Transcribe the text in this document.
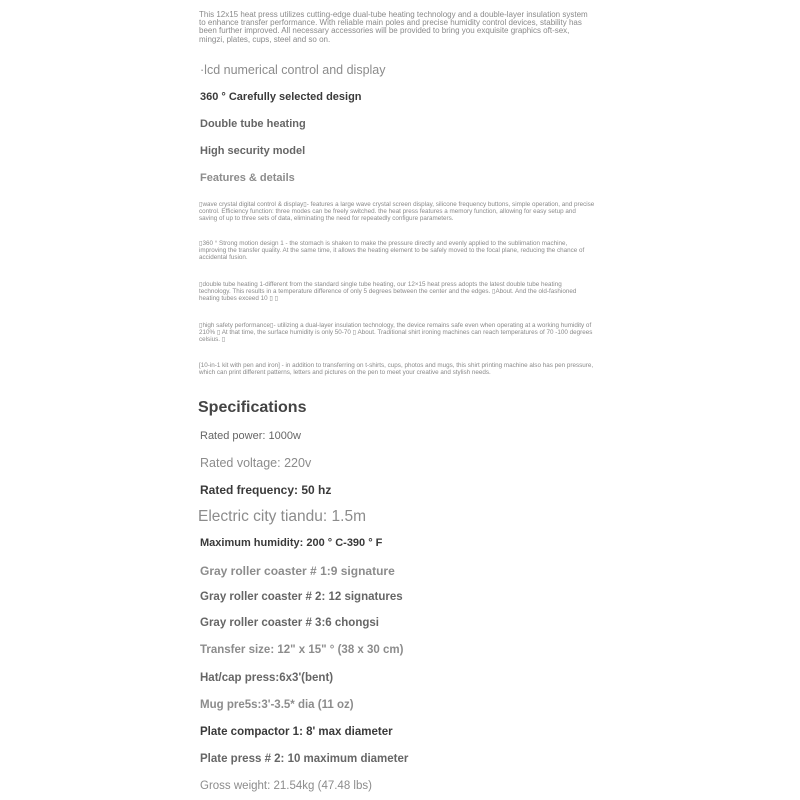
This 12x15 heat press utilizes cutting-edge dual-tube heating technology and a double-layer insulation system to enhance transfer performance. With reliable main poles and precise humidity control devices, stability has been further improved. All necessary accessories will be provided to bring you exquisite graphics oft-sex, mingzi, plates, cups, steel and so on.

·lcd numerical control and display

360 ° Carefully selected design

Double tube heating

High security model

Features & details

▯wave crystal digital control & display▯- features a large wave crystal screen display, silicone frequency buttons, simple operation, and precise control. Efficiency function: three modes can be freely switched. the heat press features a memory function, allowing for easy setup and saving of up to three sets of data, eliminating the need for repeatedly configure parameters.

▯360 ° Strong motion design 1 - the stomach is shaken to make the pressure directly and evenly applied to the sublimation machine, improving the transfer quality. At the same time, it allows the heating element to be safely moved to the focal plane, reducing the chance of accidental fusion.

▯double tube heating 1-different from the standard single tube heating, our 12×15 heat press adopts the latest double tube heating technology. This results in a temperature difference of only 5 degrees between the center and the edges. ▯About. And the old-fashioned heating tubes exceed 10 ▯ ▯

▯high safety performance▯- utilizing a dual-layer insulation technology, the device remains safe even when operating at a working humidity of 210% ▯ At that time, the surface humidity is only 50-70 ▯ About. Traditional shirt ironing machines can reach temperatures of 70 -100 degrees celsius. ▯

[10-in-1 kit with pen and iron] - in addition to transferring on t-shirts, cups, photos and mugs, this shirt printing machine also has pen pressure, which can print different patterns, letters and pictures on the pen to meet your creative and stylish needs.

Specifications

Rated power: 1000w

Rated voltage: 220v

Rated frequency: 50 hz

Electric city tiandu: 1.5m

Maximum humidity: 200 ° C-390 ° F

Gray roller coaster # 1:9 signature

Gray roller coaster # 2: 12 signatures

Gray roller coaster # 3:6 chongsi

Transfer size: 12" x 15" ° (38 x 30 cm)

Hat/cap press:6x3'(bent)

Mug pre5s:3'-3.5* dia (11 oz)

Plate compactor 1: 8' max diameter

Plate press # 2: 10 maximum diameter

Gross weight: 21.54kg (47.48 lbs)
